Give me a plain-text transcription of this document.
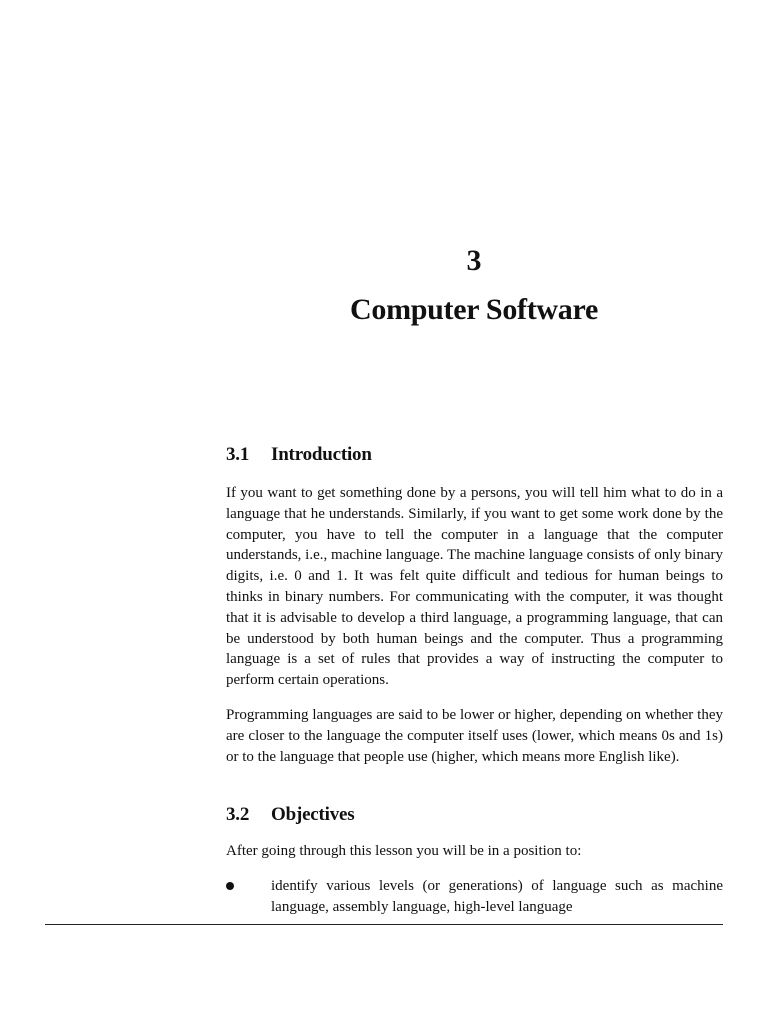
3
Computer Software
3.1 Introduction

If you want to get something done by a persons, you will tell him what to do in a language that he understands. Similarly, if you want to get some work done by the computer, you have to tell the computer in a language that the computer understands, i.e., machine language. The machine language consists of only binary digits, i.e. 0 and 1. It was felt quite difficult and tedious for human beings to thinks in binary numbers. For communicating with the computer, it was thought that it is advisable to develop a third language, a programming language, that can be understood by both human beings and the computer. Thus a programming language is a set of rules that provides a way of instructing the computer to perform certain operations.

Programming languages are said to be lower or higher, depending on whether they are closer to the language the computer itself uses (lower, which means 0s and 1s) or to the language that people use (higher, which means more English like).

3.2 Objectives

After going through this lesson you will be in a position to:

identify various levels (or generations) of language such as machine language, assembly language, high-level language
